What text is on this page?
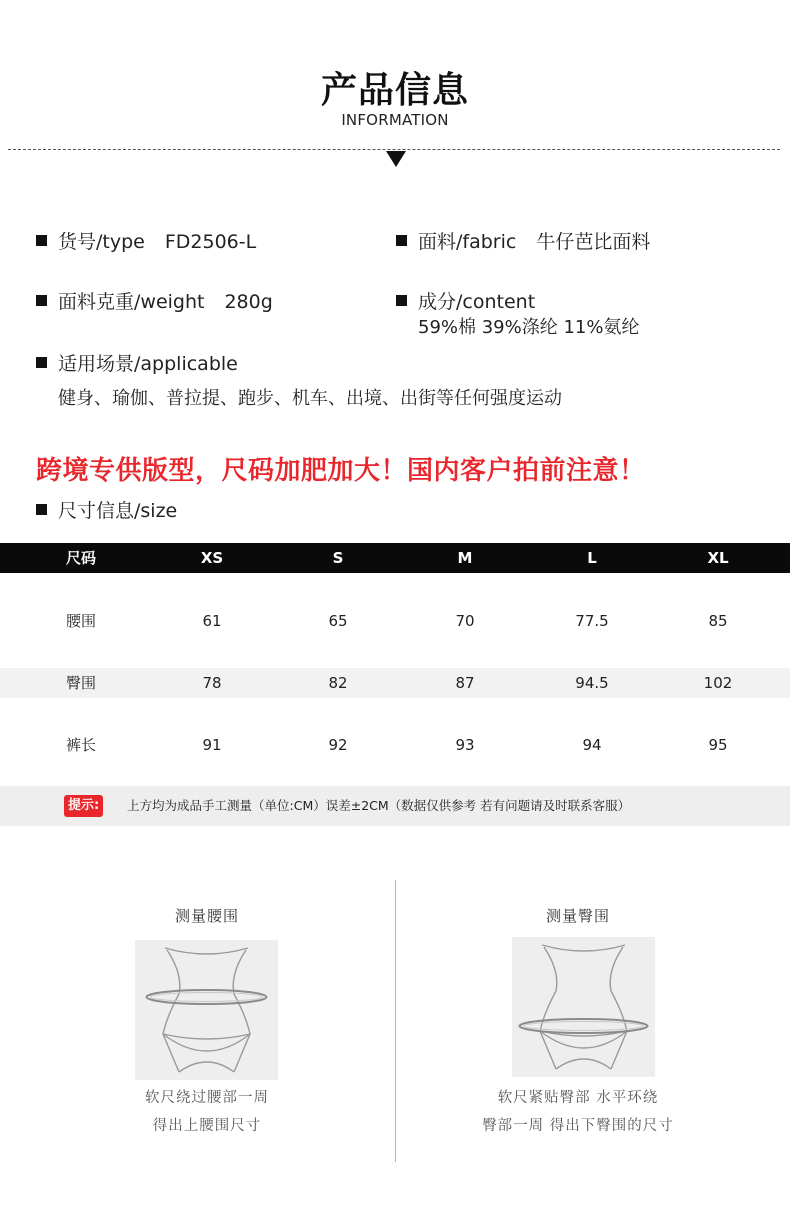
产品信息
INFORMATION
货号/type FD2506-L	面料/fabric 牛仔芭比面料
面料克重/weight 280g	成分/content
59%棉 39%涤纶 11%氨纶
适用场景/applicable
健身、瑜伽、普拉提、跑步、机车、出境、出街等任何强度运动
跨境专供版型，尺码加肥加大！国内客户拍前注意！
尺寸信息/size
尺码	XS	S	M	L	XL
腰围	61	65	70	77.5	85
臀围	78	82	87	94.5	102
裤长	91	92	93	94	95
提示:	上方均为成品手工测量（单位:CM）误差±2CM（数据仅供参考 若有问题请及时联系客服）
测量腰围
软尺绕过腰部一周
得出上腰围尺寸
测量臀围
软尺紧贴臀部 水平环绕
臀部一周 得出下臀围的尺寸
